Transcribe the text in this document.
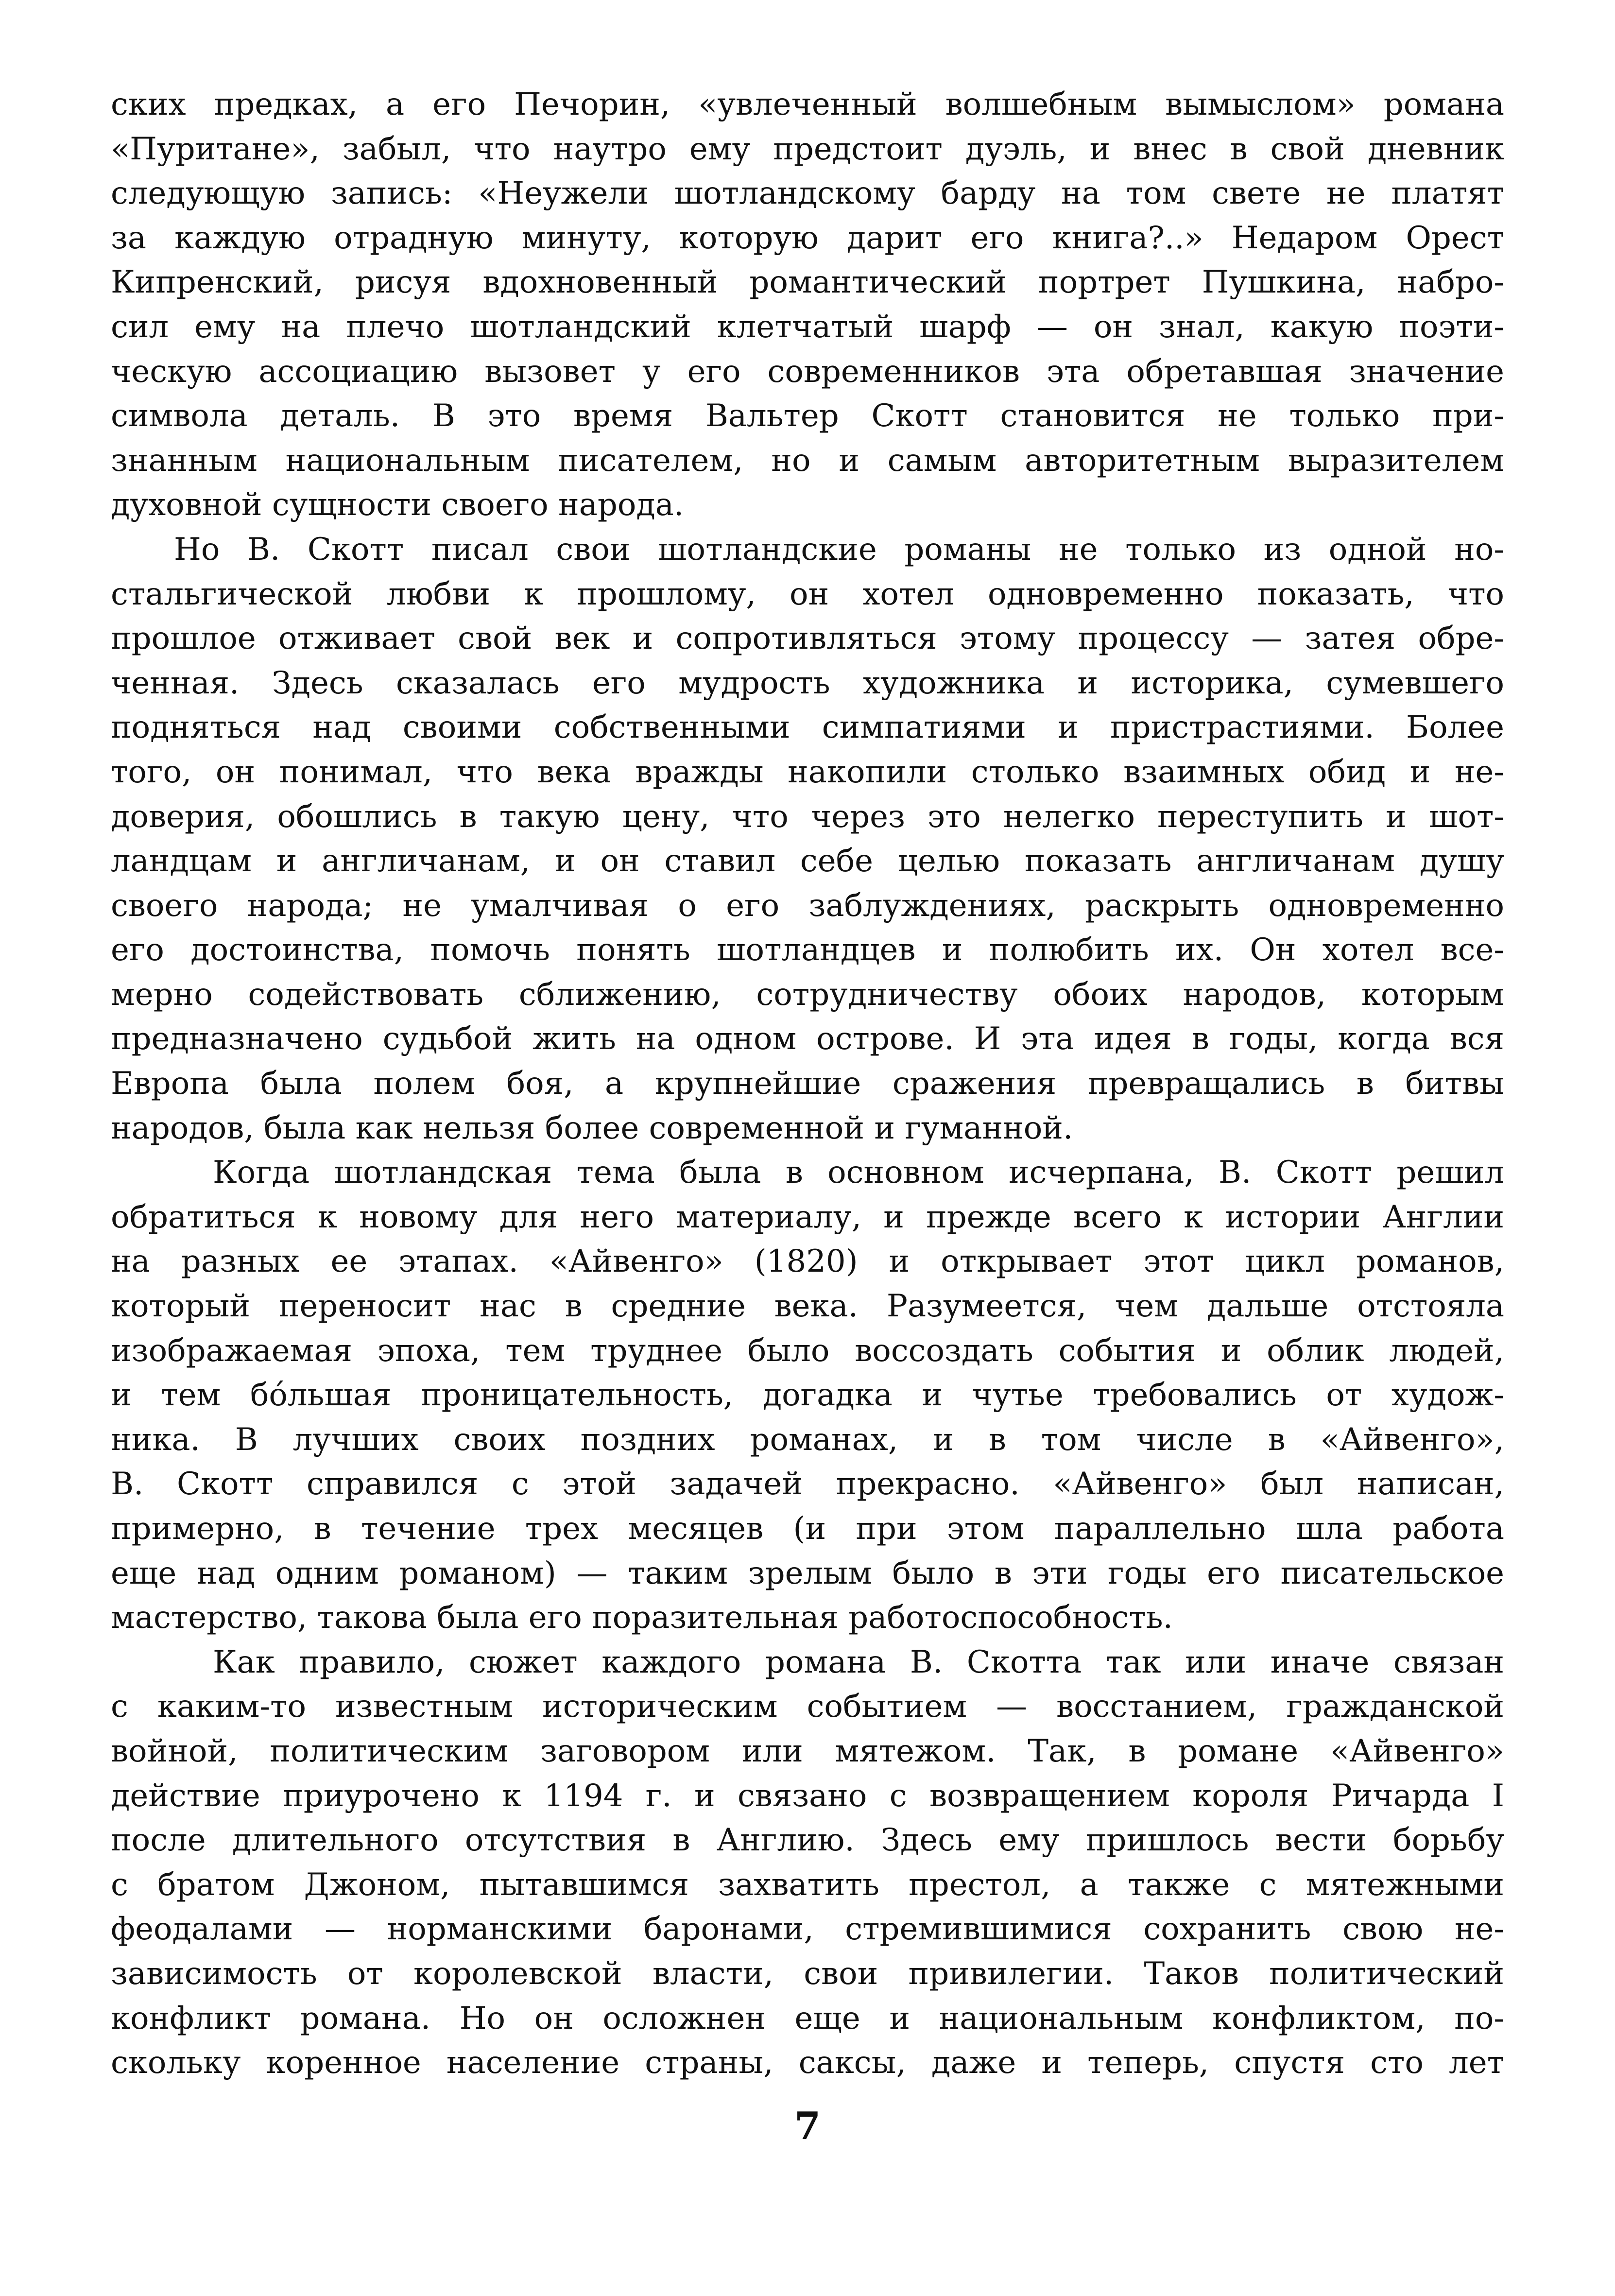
ских предках, а его Печорин, «увлеченный волшебным вымыслом» романа
«Пуритане», забыл, что наутро ему предстоит дуэль, и внес в свой дневник
следующую запись: «Неужели шотландскому барду на том свете не платят
за каждую отрадную минуту, которую дарит его книга?..» Недаром Орест
Кипренский, рисуя вдохновенный романтический портрет Пушкина, набро-
сил ему на плечо шотландский клетчатый шарф — он знал, какую поэти-
ческую ассоциацию вызовет у его современников эта обретавшая значение
символа деталь. В это время Вальтер Скотт становится не только при-
знанным национальным писателем, но и самым авторитетным выразителем
духовной сущности своего народа.

Но В. Скотт писал свои шотландские романы не только из одной но-
стальгической любви к прошлому, он хотел одновременно показать, что
прошлое отживает свой век и сопротивляться этому процессу — затея обре-
ченная. Здесь сказалась его мудрость художника и историка, сумевшего
подняться над своими собственными симпатиями и пристрастиями. Более
того, он понимал, что века вражды накопили столько взаимных обид и не-
доверия, обошлись в такую цену, что через это нелегко переступить и шот-
ландцам и англичанам, и он ставил себе целью показать англичанам душу
своего народа; не умалчивая о его заблуждениях, раскрыть одновременно
его достоинства, помочь понять шотландцев и полюбить их. Он хотел все-
мерно содействовать сближению, сотрудничеству обоих народов, которым
предназначено судьбой жить на одном острове. И эта идея в годы, когда вся
Европа была полем боя, а крупнейшие сражения превращались в битвы
народов, была как нельзя более современной и гуманной.

Когда шотландская тема была в основном исчерпана, В. Скотт решил
обратиться к новому для него материалу, и прежде всего к истории Англии
на разных ее этапах. «Айвенго» (1820) и открывает этот цикл романов,
который переносит нас в средние века. Разумеется, чем дальше отстояла
изображаемая эпоха, тем труднее было воссоздать события и облик людей,
и тем бóльшая проницательность, догадка и чутье требовались от худож-
ника. В лучших своих поздних романах, и в том числе в «Айвенго»,
В. Скотт справился с этой задачей прекрасно. «Айвенго» был написан,
примерно, в течение трех месяцев (и при этом параллельно шла работа
еще над одним романом) — таким зрелым было в эти годы его писательское
мастерство, такова была его поразительная работоспособность.

Как правило, сюжет каждого романа В. Скотта так или иначе связан
с каким-то известным историческим событием — восстанием, гражданской
войной, политическим заговором или мятежом. Так, в романе «Айвенго»
действие приурочено к 1194 г. и связано с возвращением короля Ричарда I
после длительного отсутствия в Англию. Здесь ему пришлось вести борьбу
с братом Джоном, пытавшимся захватить престол, а также с мятежными
феодалами — норманскими баронами, стремившимися сохранить свою не-
зависимость от королевской власти, свои привилегии. Таков политический
конфликт романа. Но он осложнен еще и национальным конфликтом, по-
скольку коренное население страны, саксы, даже и теперь, спустя сто лет

7
